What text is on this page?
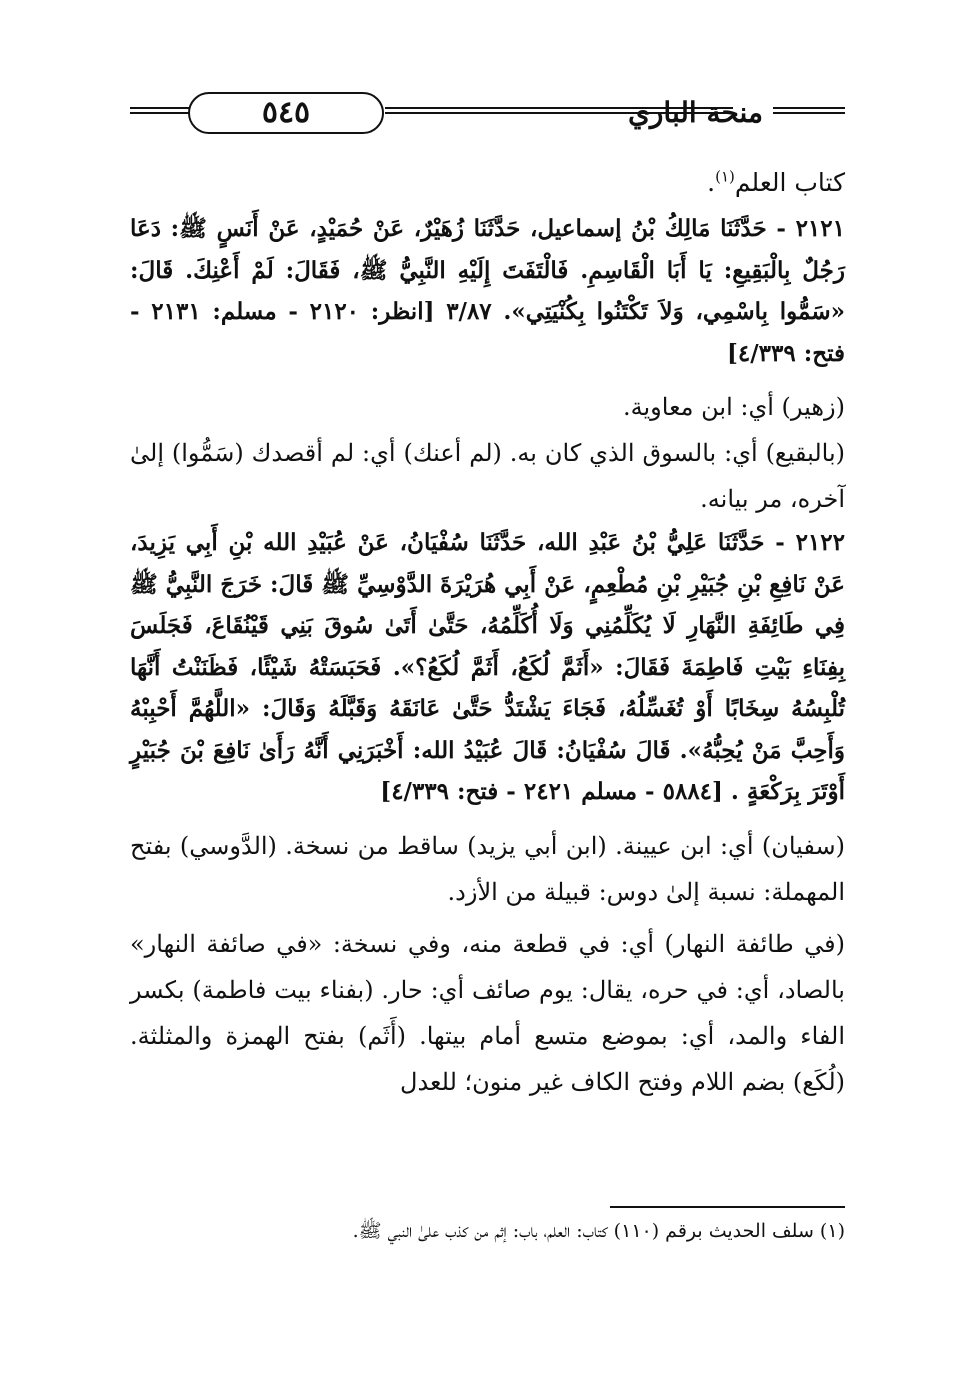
٥٤٥	منحة الباري

كتاب العلم$^{(١)}$.

٢١٢١ - حَدَّثَنَا مَالِكُ بْنُ إسماعيل، حَدَّثَنَا زُهَيْرٌ، عَنْ حُمَيْدٍ، عَنْ أَنَسٍ ﷺ: دَعَا رَجُلٌ بِالْبَقِيعِ: يَا أَبَا الْقَاسِمِ. فَالْتَفَتَ إِلَيْهِ النَّبِيُّ ﷺ، فَقَالَ: لَمْ أَعْنِكَ. قَالَ: «سَمُّوا بِاسْمِي، وَلاَ تَكْتَنُوا بِكُنْيَتِي». ٣/٨٧ [انظر: ٢١٢٠ - مسلم: ٢١٣١ - فتح: ٤/٣٣٩]

(زهير) أي: ابن معاوية.

(بالبقيع) أي: بالسوق الذي كان به. (لم أعنك) أي: لم أقصدك (سَمُّوا) إلىٰ آخره، مر بيانه.

٢١٢٢ - حَدَّثَنَا عَلِيُّ بْنُ عَبْدِ الله، حَدَّثَنَا سُفْيَانُ، عَنْ عُبَيْدِ الله بْنِ أَبِي يَزِيدَ، عَنْ نَافِعِ بْنِ جُبَيْرِ بْنِ مُطْعِمٍ، عَنْ أَبِي هُرَيْرَةَ الدَّوْسِيِّ ﷺ قَالَ: خَرَجَ النَّبِيُّ ﷺ فِي طَائِفَةِ النَّهَارِ لَا يُكَلِّمُنِي وَلَا أُكَلِّمُهُ، حَتَّىٰ أَتَىٰ سُوقَ بَنِي قَيْنُقَاعَ، فَجَلَسَ بِفِنَاءِ بَيْتِ فَاطِمَةَ فَقَالَ: «أَثَمَّ لُكَعُ، أَثَمَّ لُكَعُ؟». فَحَبَسَتْهُ شَيْئًا، فَظَنَنْتُ أَنَّهَا تُلْبِسُهُ سِخَابًا أَوْ تُغَسِّلُهُ، فَجَاءَ يَشْتَدُّ حَتَّىٰ عَانَقَهُ وَقَبَّلَهُ وَقَالَ: «اللَّهُمَّ أَحْبِبْهُ وَأَحِبَّ مَنْ يُحِبُّهُ». قَالَ سُفْيَانُ: قَالَ عُبَيْدُ الله: أَخْبَرَنِي أَنَّهُ رَأَىٰ نَافِعَ بْنَ جُبَيْرٍ أَوْتَرَ بِرَكْعَةٍ . [٥٨٨٤ - مسلم ٢٤٢١ - فتح: ٤/٣٣٩]

(سفيان) أي: ابن عيينة. (ابن أبي يزيد) ساقط من نسخة. (الدَّوسي) بفتح المهملة: نسبة إلىٰ دوس: قبيلة من الأزد.

(في طائفة النهار) أي: في قطعة منه، وفي نسخة: «في صائفة النهار» بالصاد، أي: في حره، يقال: يوم صائف أي: حار. (بفناء بيت فاطمة) بكسر الفاء والمد، أي: بموضع متسع أمام بيتها. (أَثَم) بفتح الهمزة والمثلثة. (لُكَع) بضم اللام وفتح الكاف غير منون؛ للعدل

(١) سلف الحديث برقم (١١٠) كتاب: العلم، باب: إثم من كذب علىٰ النبي ﷺ.
